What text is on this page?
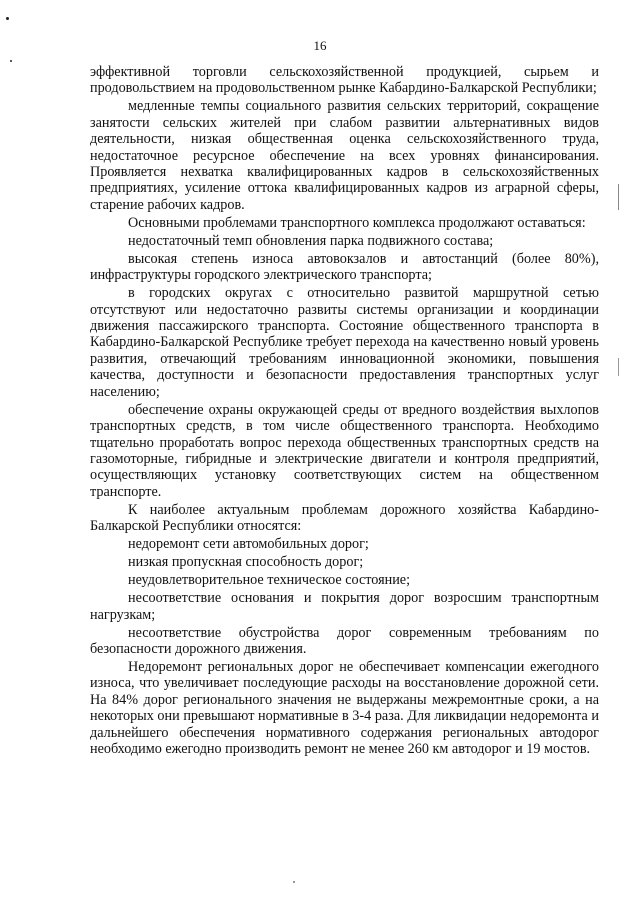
16

эффективной торговли сельскохозяйственной продукцией, сырьем и продовольствием на продовольственном рынке Кабардино-Балкарской Республики;

медленные темпы социального развития сельских территорий, сокращение занятости сельских жителей при слабом развитии альтернативных видов деятельности, низкая общественная оценка сельскохозяйственного труда, недостаточное ресурсное обеспечение на всех уровнях финансирования. Проявляется нехватка квалифицированных кадров в сельскохозяйственных предприятиях, усиление оттока квалифицированных кадров из аграрной сферы, старение рабочих кадров.

Основными проблемами транспортного комплекса продолжают оставаться:

недостаточный темп обновления парка подвижного состава;

высокая степень износа автовокзалов и автостанций (более 80%), инфраструктуры городского электрического транспорта;

в городских округах с относительно развитой маршрутной сетью отсутствуют или недостаточно развиты системы организации и координации движения пассажирского транспорта. Состояние общественного транспорта в Кабардино-Балкарской Республике требует перехода на качественно новый уровень развития, отвечающий требованиям инновационной экономики, повышения качества, доступности и безопасности предоставления транспортных услуг населению;

обеспечение охраны окружающей среды от вредного воздействия выхлопов транспортных средств, в том числе общественного транспорта. Необходимо тщательно проработать вопрос перехода общественных транспортных средств на газомоторные, гибридные и электрические двигатели и контроля предприятий, осуществляющих установку соответствующих систем на общественном транспорте.

К наиболее актуальным проблемам дорожного хозяйства Кабардино-Балкарской Республики относятся:

недоремонт сети автомобильных дорог;

низкая пропускная способность дорог;

неудовлетворительное техническое состояние;

несоответствие основания и покрытия дорог возросшим транспортным нагрузкам;

несоответствие обустройства дорог современным требованиям по безопасности дорожного движения.

Недоремонт региональных дорог не обеспечивает компенсации ежегодного износа, что увеличивает последующие расходы на восстановление дорожной сети. На 84% дорог регионального значения не выдержаны межремонтные сроки, а на некоторых они превышают нормативные в 3-4 раза. Для ликвидации недоремонта и дальнейшего обеспечения нормативного содержания региональных автодорог необходимо ежегодно производить ремонт не менее 260 км автодорог и 19 мостов.
